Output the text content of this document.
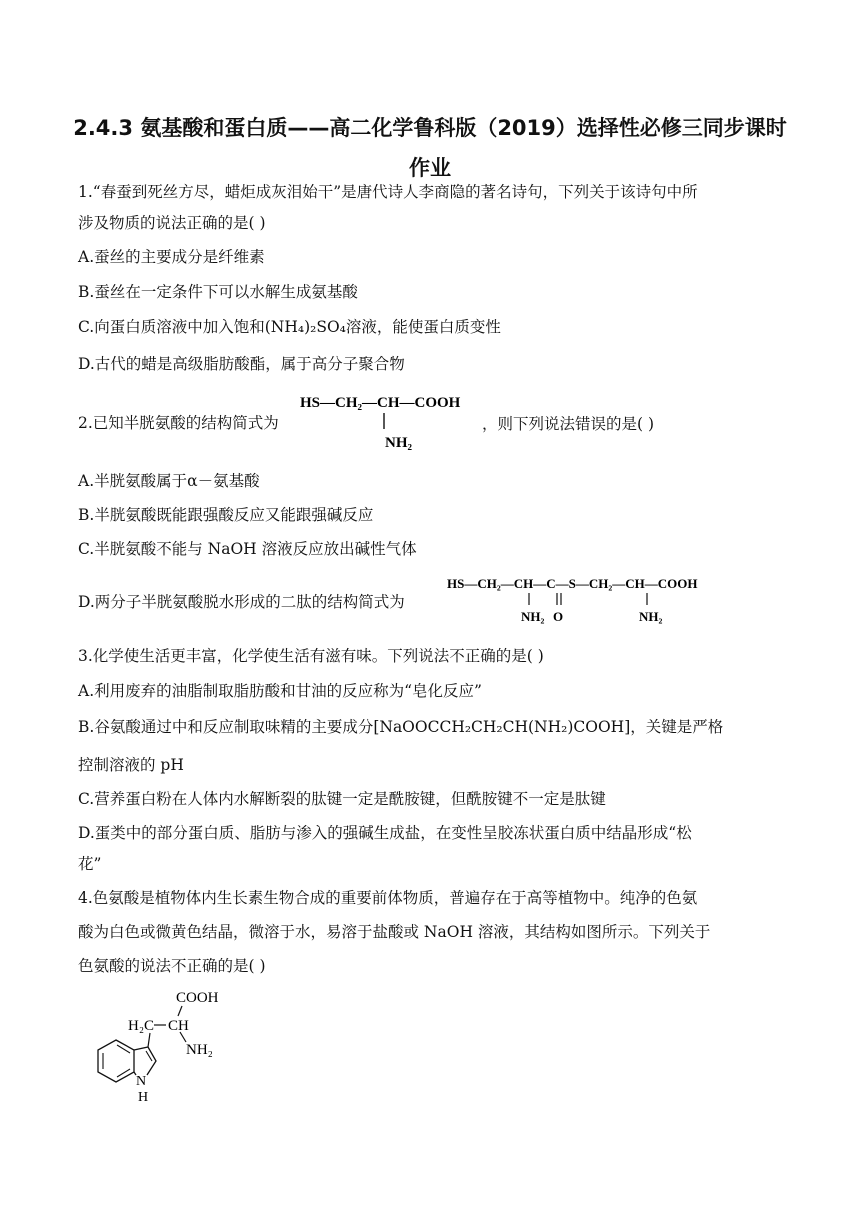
2.4.3 氨基酸和蛋白质——高二化学鲁科版（2019）选择性必修三同步课时
作业
1.“春蚕到死丝方尽，蜡炬成灰泪始干”是唐代诗人李商隐的著名诗句，下列关于该诗句中所
涉及物质的说法正确的是( )
A.蚕丝的主要成分是纤维素
B.蚕丝在一定条件下可以水解生成氨基酸
C.向蛋白质溶液中加入饱和(NH₄)₂SO₄溶液，能使蛋白质变性
D.古代的蜡是高级脂肪酸酯，属于高分子聚合物
2.已知半胱氨酸的结构简式为
HS—CH₂—CH—COOH
NH₂
，则下列说法错误的是( )
A.半胱氨酸属于α－氨基酸
B.半胱氨酸既能跟强酸反应又能跟强碱反应
C.半胱氨酸不能与 NaOH 溶液反应放出碱性气体
D.两分子半胱氨酸脱水形成的二肽的结构简式为
HS—CH₂—CH—C—S—CH₂—CH—COOH
NH₂ O	NH₂
3.化学使生活更丰富，化学使生活有滋有味。下列说法不正确的是( )
A.利用废弃的油脂制取脂肪酸和甘油的反应称为“皂化反应”
B.谷氨酸通过中和反应制取味精的主要成分[NaOOCCH₂CH₂CH(NH₂)COOH]，关键是严格
控制溶液的 pH
C.营养蛋白粉在人体内水解断裂的肽键一定是酰胺键，但酰胺键不一定是肽键
D.蛋类中的部分蛋白质、脂肪与渗入的强碱生成盐，在变性呈胶冻状蛋白质中结晶形成“松
花”
4.色氨酸是植物体内生长素生物合成的重要前体物质，普遍存在于高等植物中。纯净的色氨
酸为白色或微黄色结晶，微溶于水，易溶于盐酸或 NaOH 溶液，其结构如图所示。下列关于
色氨酸的说法不正确的是( )
COOH
H₂C CH
NH₂
N
H
